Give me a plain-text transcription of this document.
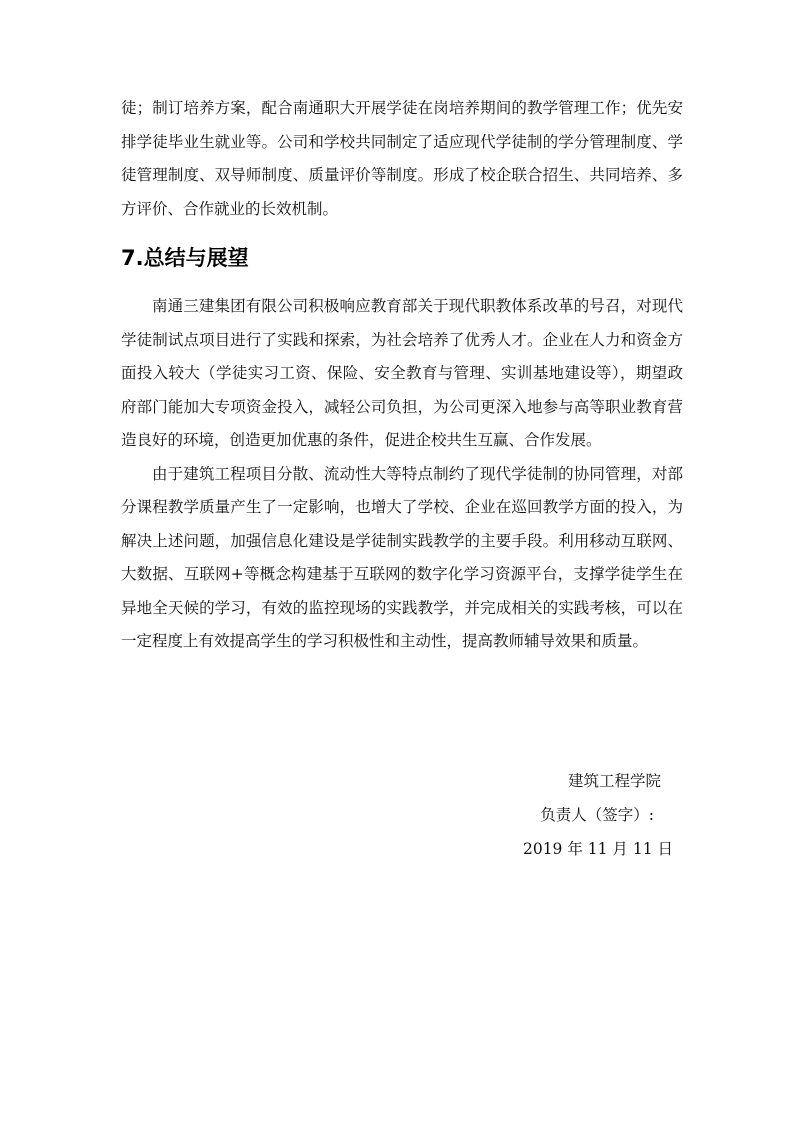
徒；制订培养方案，配合南通职大开展学徒在岗培养期间的教学管理工作；优先安排学徒毕业生就业等。公司和学校共同制定了适应现代学徒制的学分管理制度、学徒管理制度、双导师制度、质量评价等制度。形成了校企联合招生、共同培养、多方评价、合作就业的长效机制。

7.总结与展望

南通三建集团有限公司积极响应教育部关于现代职教体系改革的号召，对现代学徒制试点项目进行了实践和探索，为社会培养了优秀人才。企业在人力和资金方面投入较大（学徒实习工资、保险、安全教育与管理、实训基地建设等），期望政府部门能加大专项资金投入，减轻公司负担，为公司更深入地参与高等职业教育营造良好的环境，创造更加优惠的条件，促进企校共生互赢、合作发展。

由于建筑工程项目分散、流动性大等特点制约了现代学徒制的协同管理，对部分课程教学质量产生了一定影响，也增大了学校、企业在巡回教学方面的投入，为解决上述问题，加强信息化建设是学徒制实践教学的主要手段。利用移动互联网、大数据、互联网+等概念构建基于互联网的数字化学习资源平台，支撑学徒学生在异地全天候的学习，有效的监控现场的实践教学，并完成相关的实践考核，可以在一定程度上有效提高学生的学习积极性和主动性，提高教师辅导效果和质量。

建筑工程学院
负责人（签字）:
2019 年 11 月 11 日
